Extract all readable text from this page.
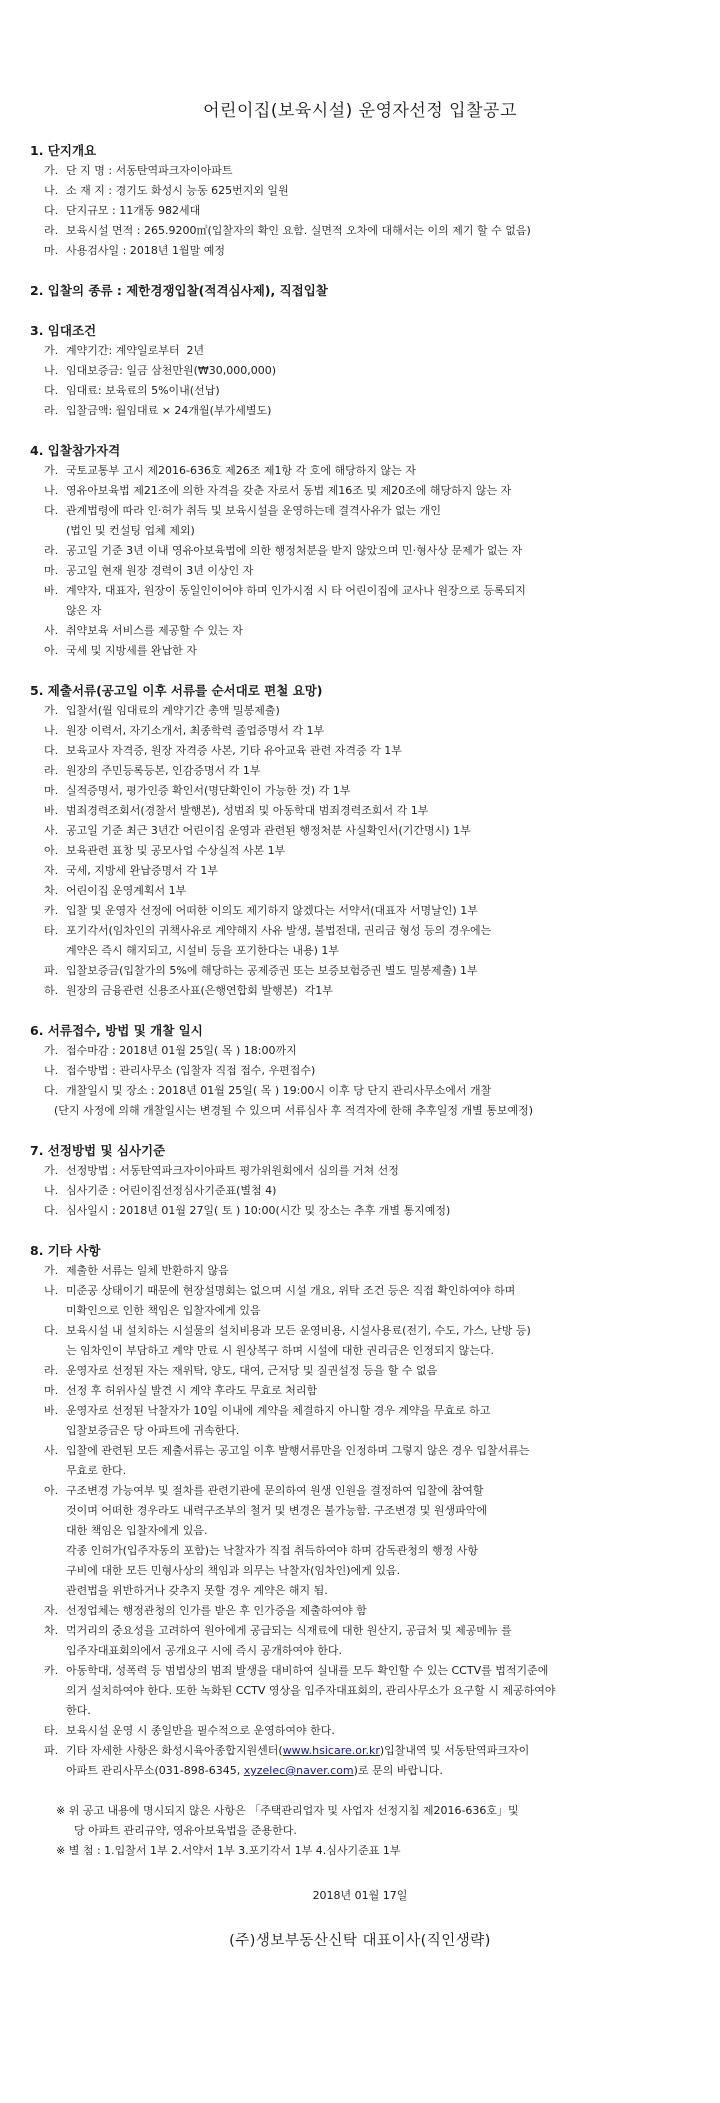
어린이집(보육시설) 운영자선정 입찰공고

1. 단지개요

가. 단 지 명 : 서동탄역파크자이아파트
나. 소 재 지 : 경기도 화성시 능동 625번지외 일원
다. 단지규모 : 11개동 982세대
라. 보육시설 면적 : 265.9200㎡(입찰자의 확인 요함. 실면적 오차에 대해서는 이의 제기 할 수 없음)
마. 사용검사일 : 2018년 1월말 예정

2. 입찰의 종류 : 제한경쟁입찰(적격심사제), 직접입찰

3. 임대조건

가. 계약기간: 계약일로부터  2년
나. 임대보증금: 일금 삼천만원(₩30,000,000)
다. 임대료: 보육료의 5%이내(선납)
라. 입찰금액: 월임대료 × 24개월(부가세별도)

4. 입찰참가자격

가. 국토교통부 고시 제2016-636호 제26조 제1항 각 호에 해당하지 않는 자
나. 영유아보육법 제21조에 의한 자격을 갖춘 자로서 동법 제16조 및 제20조에 해당하지 않는 자
다. 관계법령에 따라 인·허가 취득 및 보육시설을 운영하는데 결격사유가 없는 개인
(법인 및 컨설팅 업체 제외)
라. 공고일 기준 3년 이내 영유아보육법에 의한 행정처분을 받지 않았으며 민·형사상 문제가 없는 자
마. 공고일 현재 원장 경력이 3년 이상인 자
바. 계약자, 대표자, 원장이 동일인이어야 하며 인가시점 시 타 어린이집에 교사나 원장으로 등록되지
않은 자
사. 취약보육 서비스를 제공할 수 있는 자
아. 국세 및 지방세를 완납한 자

5. 제출서류(공고일 이후 서류를 순서대로 편철 요망)

가. 입찰서(월 임대료의 계약기간 총액 밀봉제출)
나. 원장 이력서, 자기소개서, 최종학력 졸업증명서 각 1부
다. 보육교사 자격증, 원장 자격증 사본, 기타 유아교육 관련 자격증 각 1부
라. 원장의 주민등록등본, 인감증명서 각 1부
마. 실적증명서, 평가인증 확인서(명단확인이 가능한 것) 각 1부
바. 범죄경력조회서(경찰서 발행본), 성범죄 및 아동학대 범죄경력조회서 각 1부
사. 공고일 기준 최근 3년간 어린이집 운영과 관련된 행정처분 사실확인서(기간명시) 1부
아. 보육관련 표창 및 공모사업 수상실적 사본 1부
자. 국세, 지방세 완납증명서 각 1부
차. 어린이집 운영계획서 1부
카. 입찰 및 운영자 선정에 어떠한 이의도 제기하지 않겠다는 서약서(대표자 서명날인) 1부
타. 포기각서(임차인의 귀책사유로 계약해지 사유 발생, 불법전대, 권리금 형성 등의 경우에는
계약은 즉시 해지되고, 시설비 등을 포기한다는 내용) 1부
파. 입찰보증금(입찰가의 5%에 해당하는 공제증권 또는 보증보험증권 별도 밀봉제출) 1부
하. 원장의 금융관련 신용조사표(은행연합회 발행본)  각1부

6. 서류접수, 방법 및 개찰 일시

가. 접수마감 : 2018년 01월 25일( 목 ) 18:00까지
나. 접수방법 : 관리사무소 (입찰자 직접 접수, 우편접수)
다. 개찰일시 및 장소 : 2018년 01월 25일( 목 ) 19:00시 이후 당 단지 관리사무소에서 개찰
(단지 사정에 의해 개찰일시는 변경될 수 있으며 서류심사 후 적격자에 한해 추후일정 개별 통보예정)

7. 선정방법 및 심사기준

가. 선정방법 : 서동탄역파크자이아파트 평가위원회에서 심의를 거쳐 선정
나. 심사기준 : 어린이집선정심사기준표(별첨 4)
다. 심사일시 : 2018년 01월 27일( 토 ) 10:00(시간 및 장소는 추후 개별 통지예정)

8. 기타 사항

가. 제출한 서류는 일체 반환하지 않음
나. 미준공 상태이기 때문에 현장설명회는 없으며 시설 개요, 위탁 조건 등은 직접 확인하여야 하며
미확인으로 인한 책임은 입찰자에게 있음
다. 보육시설 내 설치하는 시설물의 설치비용과 모든 운영비용, 시설사용료(전기, 수도, 가스, 난방 등)
는 임차인이 부담하고 계약 만료 시 원상복구 하며 시설에 대한 권리금은 인정되지 않는다.
라. 운영자로 선정된 자는 재위탁, 양도, 대여, 근저당 및 질권설정 등을 할 수 없음
마. 선정 후 허위사실 발견 시 계약 후라도 무효로 처리함
바. 운영자로 선정된 낙찰자가 10일 이내에 계약을 체결하지 아니할 경우 계약을 무효로 하고
입찰보증금은 당 아파트에 귀속한다.
사. 입찰에 관련된 모든 제출서류는 공고일 이후 발행서류만을 인정하며 그렇지 않은 경우 입찰서류는
무효로 한다.
아. 구조변경 가능여부 및 절차를 관련기관에 문의하여 원생 인원을 결정하여 입찰에 참여할
것이며 어떠한 경우라도 내력구조부의 철거 및 변경은 불가능함. 구조변경 및 원생파악에
대한 책임은 입찰자에게 있음.
각종 인허가(입주자동의 포함)는 낙찰자가 직접 취득하여야 하며 감독관청의 행정 사항
구비에 대한 모든 민형사상의 책임과 의무는 낙찰자(임차인)에게 있음.
관련법을 위반하거나 갖추지 못할 경우 계약은 해지 됨.
자. 선정업체는 행정관청의 인가를 받은 후 인가증을 제출하여야 함
차. 먹거리의 중요성을 고려하여 원아에게 공급되는 식재료에 대한 원산지, 공급처 및 제공메뉴 를
입주자대표회의에서 공개요구 시에 즉시 공개하여야 한다.
카. 아동학대, 성폭력 등 범법상의 범죄 발생을 대비하여 실내를 모두 확인할 수 있는 CCTV를 법적기준에
의거 설치하여야 한다. 또한 녹화된 CCTV 영상을 입주자대표회의, 관리사무소가 요구할 시 제공하여야
한다.
타. 보육시설 운영 시 종일반을 필수적으로 운영하여야 한다.
파. 기타 자세한 사항은 화성시육아종합지원센터(www.hsicare.or.kr)입찰내역 및 서동탄역파크자이
아파트 관리사무소(031-898-6345, xyzelec@naver.com)로 문의 바랍니다.
※ 위 공고 내용에 명시되지 않은 사항은 「주택관리업자 및 사업자 선정지침 제2016-636호」및
당 아파트 관리규약, 영유아보육법을 준용한다.
※ 별 첨 : 1.입찰서 1부 2.서약서 1부 3.포기각서 1부 4.심사기준표 1부
2018년 01월 17일
(주)생보부동산신탁 대표이사(직인생략)
